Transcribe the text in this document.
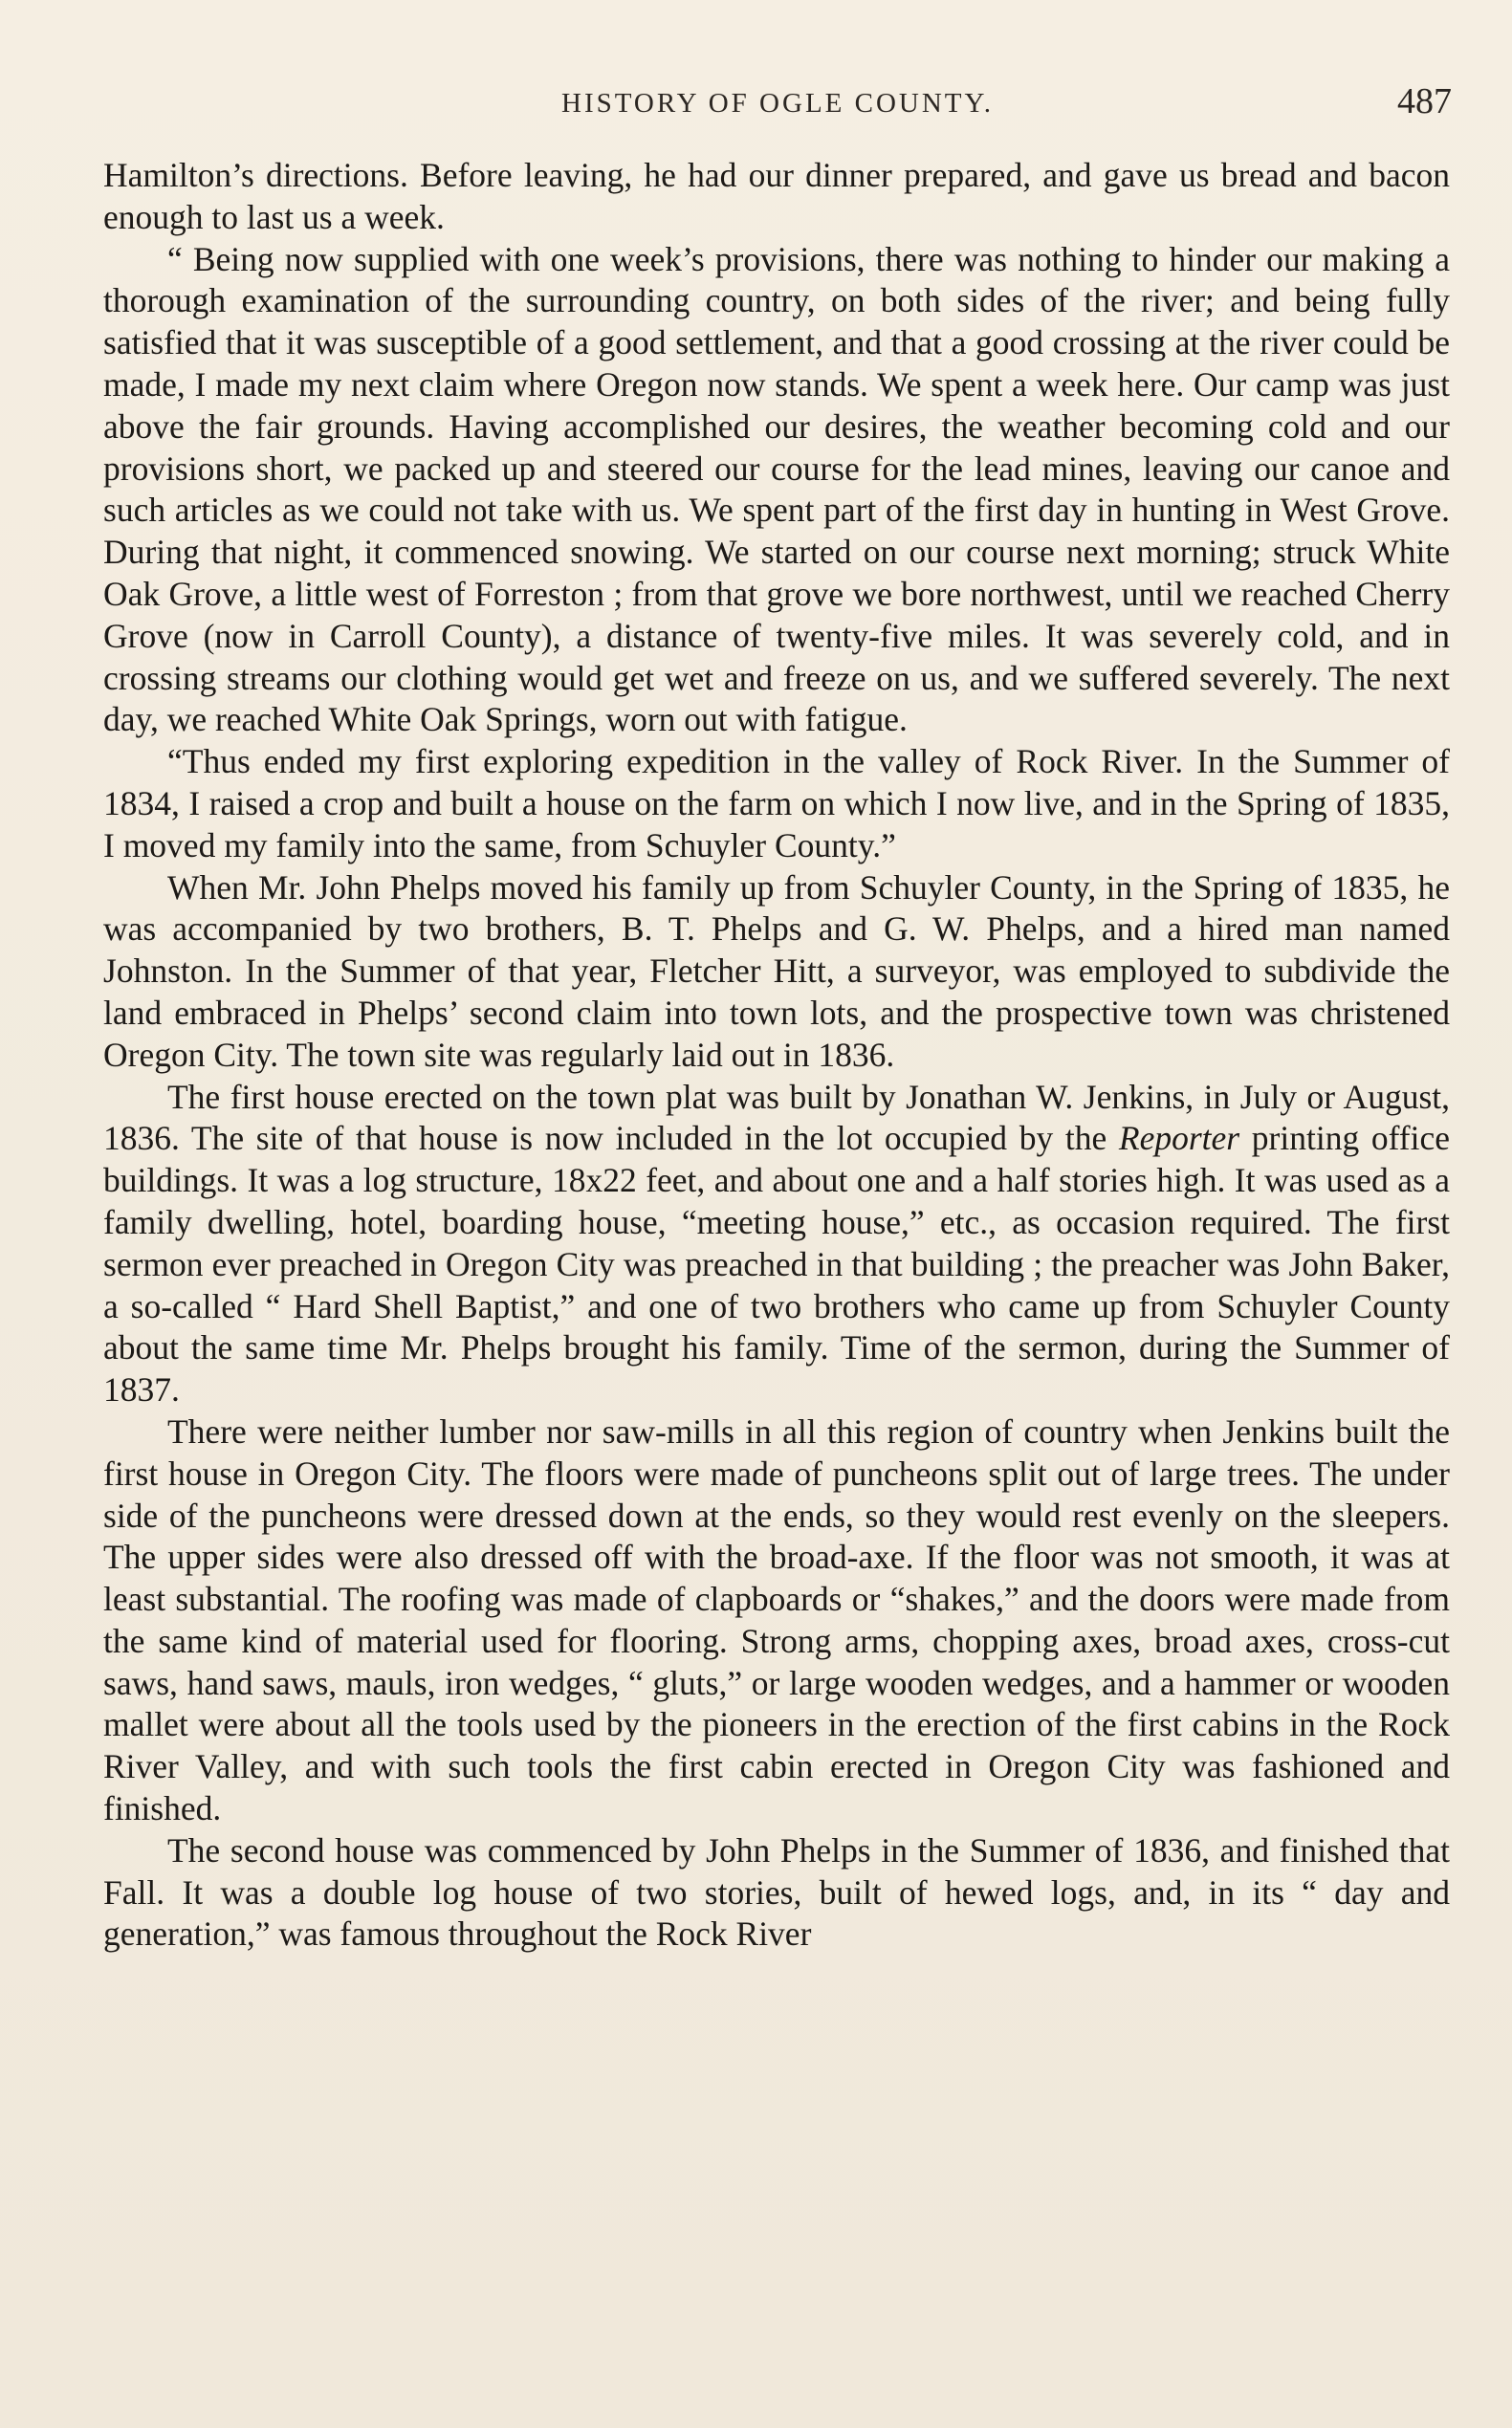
HISTORY OF OGLE COUNTY.	487

Hamilton’s directions. Before leaving, he had our dinner prepared, and gave us bread and bacon enough to last us a week.

“ Being now supplied with one week’s provisions, there was nothing to hinder our making a thorough examination of the surrounding country, on both sides of the river; and being fully satisfied that it was susceptible of a good settlement, and that a good crossing at the river could be made, I made my next claim where Oregon now stands. We spent a week here. Our camp was just above the fair grounds. Having accomplished our desires, the weather becoming cold and our provisions short, we packed up and steered our course for the lead mines, leaving our canoe and such articles as we could not take with us. We spent part of the first day in hunting in West Grove. During that night, it commenced snowing. We started on our course next morning; struck White Oak Grove, a little west of Forreston ; from that grove we bore northwest, until we reached Cherry Grove (now in Carroll County), a distance of twenty-five miles. It was severely cold, and in crossing streams our clothing would get wet and freeze on us, and we suffered severely. The next day, we reached White Oak Springs, worn out with fatigue.

“Thus ended my first exploring expedition in the valley of Rock River. In the Summer of 1834, I raised a crop and built a house on the farm on which I now live, and in the Spring of 1835, I moved my family into the same, from Schuyler County.”

When Mr. John Phelps moved his family up from Schuyler County, in the Spring of 1835, he was accompanied by two brothers, B. T. Phelps and G. W. Phelps, and a hired man named Johnston. In the Summer of that year, Fletcher Hitt, a surveyor, was employed to subdivide the land embraced in Phelps’ second claim into town lots, and the prospective town was christened Oregon City. The town site was regularly laid out in 1836.

The first house erected on the town plat was built by Jonathan W. Jenkins, in July or August, 1836. The site of that house is now included in the lot occupied by the Reporter printing office buildings. It was a log structure, 18x22 feet, and about one and a half stories high. It was used as a family dwelling, hotel, boarding house, “meeting house,” etc., as occasion required. The first sermon ever preached in Oregon City was preached in that building ; the preacher was John Baker, a so-called “ Hard Shell Baptist,” and one of two brothers who came up from Schuyler County about the same time Mr. Phelps brought his family. Time of the sermon, during the Summer of 1837.

There were neither lumber nor saw-mills in all this region of country when Jenkins built the first house in Oregon City. The floors were made of puncheons split out of large trees. The under side of the puncheons were dressed down at the ends, so they would rest evenly on the sleepers. The upper sides were also dressed off with the broad-axe. If the floor was not smooth, it was at least substantial. The roofing was made of clapboards or “shakes,” and the doors were made from the same kind of material used for flooring. Strong arms, chopping axes, broad axes, cross-cut saws, hand saws, mauls, iron wedges, “ gluts,” or large wooden wedges, and a hammer or wooden mallet were about all the tools used by the pioneers in the erection of the first cabins in the Rock River Valley, and with such tools the first cabin erected in Oregon City was fashioned and finished.

The second house was commenced by John Phelps in the Summer of 1836, and finished that Fall. It was a double log house of two stories, built of hewed logs, and, in its “ day and generation,” was famous throughout the Rock River
